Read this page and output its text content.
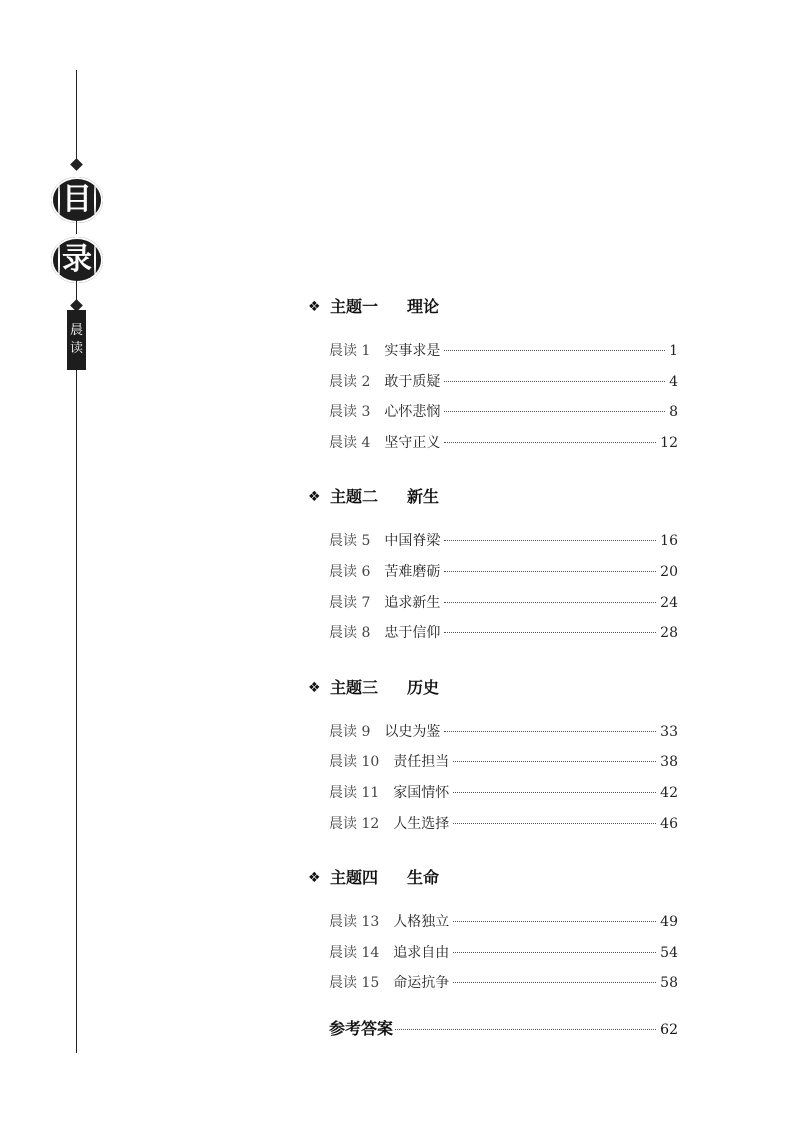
目
录
晨
读
❖ 主题一 理论
晨读 1 实事求是	1
晨读 2 敢于质疑	4
晨读 3 心怀悲悯	8
晨读 4 坚守正义	12
❖ 主题二 新生
晨读 5 中国脊梁	16
晨读 6 苦难磨砺	20
晨读 7 追求新生	24
晨读 8 忠于信仰	28
❖ 主题三 历史
晨读 9 以史为鉴	33
晨读 10 责任担当	38
晨读 11 家国情怀	42
晨读 12 人生选择	46
❖ 主题四 生命
晨读 13 人格独立	49
晨读 14 追求自由	54
晨读 15 命运抗争	58
参考答案	62
